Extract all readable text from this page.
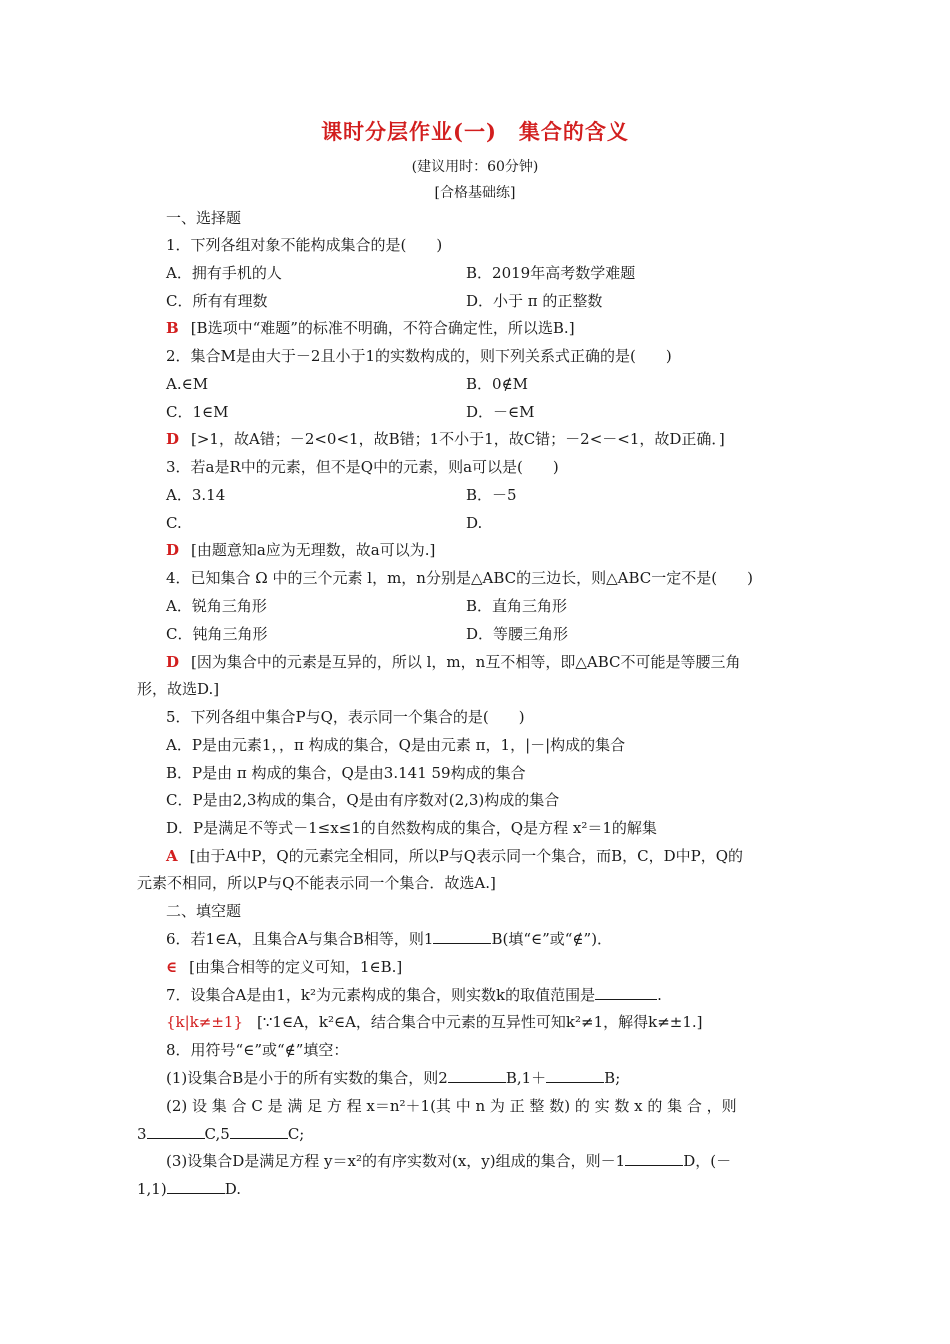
课时分层作业(一)　集合的含义
(建议用时：60分钟)
[合格基础练]
一、选择题
1．下列各组对象不能构成集合的是(　　)
A．拥有手机的人	B．2019年高考数学难题
C．所有有理数	D．小于 π 的正整数
B [B选项中“难题”的标准不明确，不符合确定性，所以选B.]
2．集合M是由大于－2且小于1的实数构成的，则下列关系式正确的是(　　)
A.∈M	B．0∉M
C．1∈M	D．－∈M
D [>1，故A错；－2<0<1，故B错；1不小于1，故C错；－2<－<1，故D正确．]
3．若a是R中的元素，但不是Q中的元素，则a可以是(　　)
A．3.14	B．－5
C.	D.
D [由题意知a应为无理数，故a可以为.]
4．已知集合 Ω 中的三个元素 l，m，n分别是△ABC的三边长，则△ABC一定不是(　　)
A．锐角三角形	B．直角三角形
C．钝角三角形	D．等腰三角形
D [因为集合中的元素是互异的，所以 l，m，n互不相等，即△ABC不可能是等腰三角
形，故选D.]
5．下列各组中集合P与Q，表示同一个集合的是(　　)
A．P是由元素1，，π 构成的集合，Q是由元素 π，1，|－|构成的集合
B．P是由 π 构成的集合，Q是由3.141 59构成的集合
C．P是由2,3构成的集合，Q是由有序数对(2,3)构成的集合
D．P是满足不等式－1≤x≤1的自然数构成的集合，Q是方程 x²＝1的解集
A [由于A中P，Q的元素完全相同，所以P与Q表示同一个集合，而B，C，D中P，Q的
元素不相同，所以P与Q不能表示同一个集合．故选A.]
二、填空题
6．若1∈A，且集合A与集合B相等，则1	B(填“∈”或“∉”)．
∈ [由集合相等的定义可知，1∈B.]
7．设集合A是由1，k²为元素构成的集合，则实数k的取值范围是	.
{k|k≠±1} [∵1∈A，k²∈A，结合集合中元素的互异性可知k²≠1，解得k≠±1.]
8．用符号“∈”或“∉”填空：
(1)设集合B是小于的所有实数的集合，则2	B,1＋	B;
(2) 设 集 合 C 是 满 足 方 程 x＝n²＋1(其 中 n 为 正 整 数) 的 实 数 x 的 集 合 ，则
3	C,5	C;
(3)设集合D是满足方程 y＝x²的有序实数对(x，y)组成的集合，则－1	D，(－
1,1)	D.
